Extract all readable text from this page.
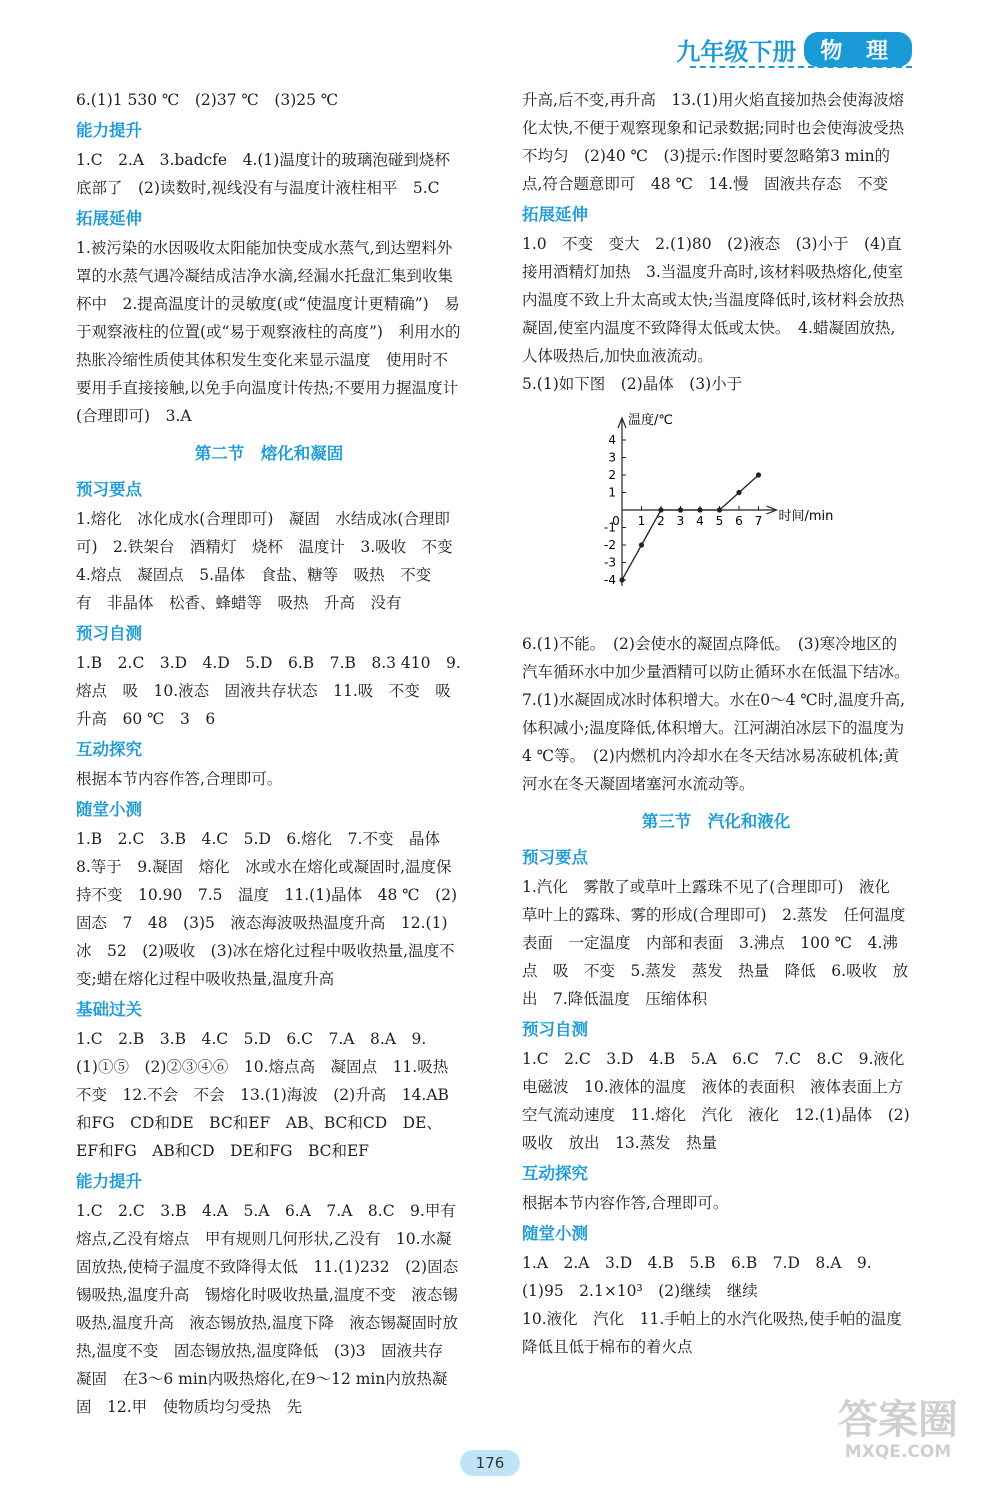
九年级下册	物 理

6.(1)1 530 ℃　(2)37 ℃　(3)25 ℃

能力提升

1.C　2.A　3.badcfe　4.(1)温度计的玻璃泡碰到烧杯底部了　(2)读数时,视线没有与温度计液柱相平　5.C

拓展延伸

1.被污染的水因吸收太阳能加快变成水蒸气,到达塑料外罩的水蒸气遇冷凝结成洁净水滴,经漏水托盘汇集到收集杯中　2.提高温度计的灵敏度(或“使温度计更精确”)　易于观察液柱的位置(或“易于观察液柱的高度”)　利用水的热胀冷缩性质使其体积发生变化来显示温度　使用时不要用手直接接触,以免手向温度计传热;不要用力握温度计(合理即可)　3.A

第二节　熔化和凝固

预习要点

1.熔化　冰化成水(合理即可)　凝固　水结成冰(合理即可)　2.铁架台　酒精灯　烧杯　温度计　3.吸收　不变　4.熔点　凝固点　5.晶体　食盐、糖等　吸热　不变　有　非晶体　松香、蜂蜡等　吸热　升高　没有

预习自测

1.B　2.C　3.D　4.D　5.D　6.B　7.B　8.3 410　9.熔点　吸　10.液态　固液共存状态　11.吸　不变　吸　升高　60 ℃　3　6

互动探究

根据本节内容作答,合理即可。

随堂小测

1.B　2.C　3.B　4.C　5.D　6.熔化　7.不变　晶体　8.等于　9.凝固　熔化　冰或水在熔化或凝固时,温度保持不变　10.90　7.5　温度　11.(1)晶体　48 ℃　(2)固态　7　48　(3)5　液态海波吸热温度升高　12.(1)冰　52　(2)吸收　(3)冰在熔化过程中吸收热量,温度不变;蜡在熔化过程中吸收热量,温度升高

基础过关

1.C　2.B　3.B　4.C　5.D　6.C　7.A　8.A　9.(1)①⑤　(2)②③④⑥　10.熔点高　凝固点　11.吸热　不变　12.不会　不会　13.(1)海波　(2)升高　14.AB和FG　CD和DE　BC和EF　AB、BC和CD　DE、EF和FG　AB和CD　DE和FG　BC和EF

能力提升

1.C　2.C　3.B　4.A　5.A　6.A　7.A　8.C　9.甲有熔点,乙没有熔点　甲有规则几何形状,乙没有　10.水凝固放热,使椅子温度不致降得太低　11.(1)232　(2)固态锡吸热,温度升高　锡熔化时吸收热量,温度不变　液态锡吸热,温度升高　液态锡放热,温度下降　液态锡凝固时放热,温度不变　固态锡放热,温度降低　(3)3　固液共存　凝固　在3～6 min内吸热熔化,在9～12 min内放热凝固　12.甲　使物质均匀受热　先

升高,后不变,再升高　13.(1)用火焰直接加热会使海波熔化太快,不便于观察现象和记录数据;同时也会使海波受热不均匀　(2)40 ℃　(3)提示:作图时要忽略第3 min的点,符合题意即可　48 ℃　14.慢　固液共存态　不变

拓展延伸

1.0　不变　变大　2.(1)80　(2)液态　(3)小于　(4)直接用酒精灯加热　3.当温度升高时,该材料吸热熔化,使室内温度不致上升太高或太快;当温度降低时,该材料会放热凝固,使室内温度不致降得太低或太快。　4.蜡凝固放热,人体吸热后,加快血液流动。

5.(1)如下图　(2)晶体　(3)小于

温度/℃
时间/min
4
3
2
1
-1
-2
-3
-4
0 1 2 3 4 5 6 7

6.(1)不能。　(2)会使水的凝固点降低。　(3)寒冷地区的汽车循环水中加少量酒精可以防止循环水在低温下结冰。　7.(1)水凝固成冰时体积增大。水在0～4 ℃时,温度升高,体积减小;温度降低,体积增大。江河湖泊冰层下的温度为4 ℃等。　(2)内燃机内冷却水在冬天结冰易冻破机体;黄河水在冬天凝固堵塞河水流动等。

第三节　汽化和液化

预习要点

1.汽化　雾散了或草叶上露珠不见了(合理即可)　液化　草叶上的露珠、雾的形成(合理即可)　2.蒸发　任何温度　表面　一定温度　内部和表面　3.沸点　100 ℃　4.沸点　吸　不变　5.蒸发　蒸发　热量　降低　6.吸收　放出　7.降低温度　压缩体积

预习自测

1.C　2.C　3.D　4.B　5.A　6.C　7.C　8.C　9.液化　电磁波　10.液体的温度　液体的表面积　液体表面上方空气流动速度　11.熔化　汽化　液化　12.(1)晶体　(2)吸收　放出　13.蒸发　热量

互动探究

根据本节内容作答,合理即可。

随堂小测

1.A　2.A　3.D　4.B　5.B　6.B　7.D　8.A　9.(1)95　2.1×10³　(2)继续　继续

10.液化　汽化　11.手帕上的水汽化吸热,使手帕的温度降低且低于棉布的着火点

176
答案圈
MXQE.COM
